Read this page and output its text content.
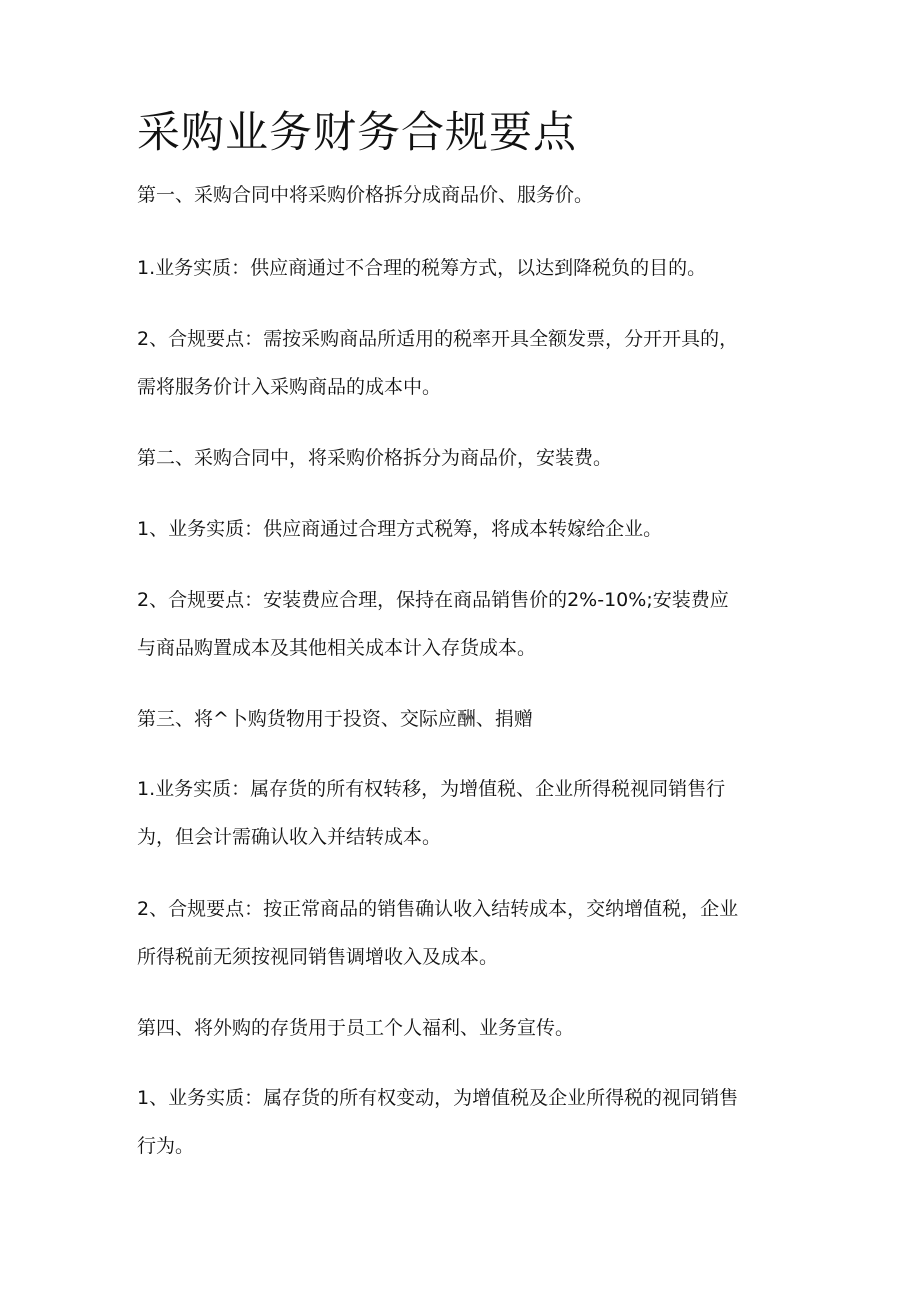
采购业务财务合规要点

第一、采购合同中将采购价格拆分成商品价、服务价。

1.业务实质：供应商通过不合理的税筹方式，以达到降税负的目的。

2、合规要点：需按采购商品所适用的税率开具全额发票，分开开具的，
需将服务价计入采购商品的成本中。

第二、采购合同中，将采购价格拆分为商品价，安装费。

1、业务实质：供应商通过合理方式税筹，将成本转嫁给企业。

2、合规要点：安装费应合理，保持在商品销售价的2%-10%;安装费应
与商品购置成本及其他相关成本计入存货成本。

第三、将^卜购货物用于投资、交际应酬、捐赠

1.业务实质：属存货的所有权转移，为增值税、企业所得税视同销售行
为，但会计需确认收入并结转成本。

2、合规要点：按正常商品的销售确认收入结转成本，交纳增值税，企业
所得税前无须按视同销售调增收入及成本。

第四、将外购的存货用于员工个人福利、业务宣传。

1、业务实质：属存货的所有权变动，为增值税及企业所得税的视同销售
行为。
